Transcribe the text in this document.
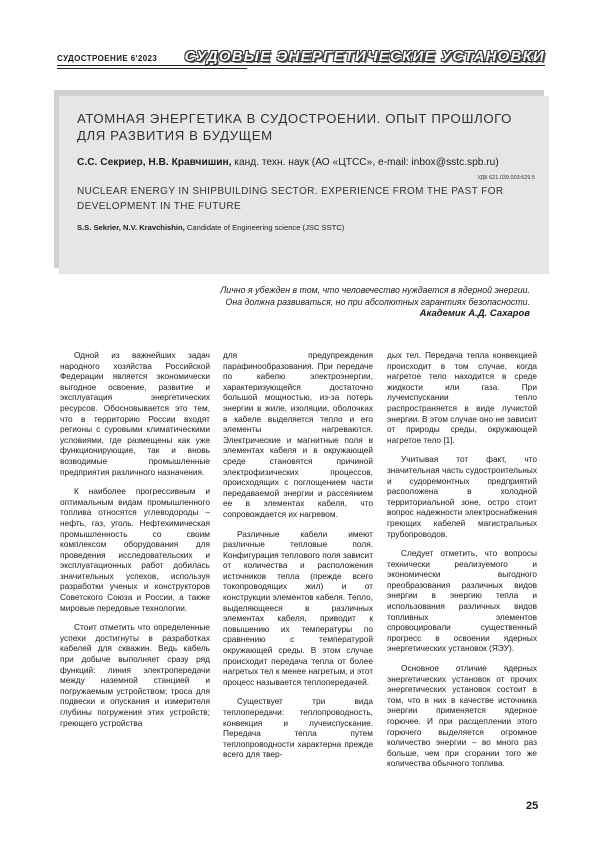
СУДОСТРОЕНИЕ 6'2023 СУДОВЫЕ ЭНЕРГЕТИЧЕСКИЕ УСТАНОВКИ
АТОМНАЯ ЭНЕРГЕТИКА В СУДОСТРОЕНИИ. ОПЫТ ПРОШЛОГО ДЛЯ РАЗВИТИЯ В БУДУЩЕМ
С.С. Секриер, Н.В. Кравчишин, канд. техн. наук (АО «ЦТСС», e-mail: inbox@sstc.spb.ru)
УДК 621.039.003:629.5
NUCLEAR ENERGY IN SHIPBUILDING SECTOR. EXPERIENCE FROM THE PAST FOR DEVELOPMENT IN THE FUTURE
S.S. Sekrier, N.V. Kravchishin, Candidate of Engineering science (JSC SSTC)
Лично я убежден в том, что человечество нуждается в ядерной энергии. Она должна развиваться, но при абсолютных гарантиях безопасности.
Академик А.Д. Сахаров

Одной из важнейших задач народного хозяйства Российской Федерации является экономически выгодное освоение, развитие и эксплуатация энергетических ресурсов. Обосновывается это тем, что в территорию России входят регионы с суровыми климатическими условиями, где размещены как уже функционирующие, так и вновь возводимые промышленные предприятия различного назначения.

К наиболее прогрессивным и оптимальным видам промышленного топлива относятся углеводороды – нефть, газ, уголь. Нефтехимическая промышленность со своим комплексом оборудования для проведения исследовательских и эксплуатационных работ добилась значительных успехов, используя разработки ученых и конструкторов Советского Союза и России, а также мировые передовые технологии.

Стоит отметить что определенные успехи достигнуты в разработках кабелей для скважин. Ведь кабель при добыче выполняет сразу ряд функций: линия электропередачи между наземной станцией и погружаемым устройством; троса для подвески и опускания и измерителя глубины погружения этих устройств; греющего устройства

для предупреждения парафинообразования. При передаче по кабелю электроэнергии, характеризующейся достаточно большой мощностью, из-за потерь энергии в жиле, изоляции, оболочках в кабеле выделяется тепло и его элементы нагреваются. Электрические и магнитные поля в элементах кабеля и в окружающей среде становятся причиной электрофизических процессов, происходящих с поглощением части передаваемой энергии и рассеянием ее в элементах кабеля, что сопровождается их нагревом.

Различные кабели имеют различные тепловые поля. Конфигурация теплового поля зависит от количества и расположения источников тепла (прежде всего токопроводящих жил) и от конструкции элементов кабеля. Тепло, выделяющееся в различных элементах кабеля, приводит к повышению их температуры по сравнению с температурой окружающей среды. В этом случае происходит передача тепла от более нагретых тел к менее нагретым, и этот процесс называется теплопередачей.

Существует три вида теплопередачи: теплопроводность, конвекция и лучеиспускание. Передача тепла путем теплопроводности характерна прежде всего для твер-

дых тел. Передача тепла конвекцией происходит в том случае, когда нагретое тело находится в среде жидкости или газа. При лучеиспускании тепло распространяется в виде лучистой энергии. В этом случае оно не зависит от природы среды, окружающей нагретое тело [1].

Учитывая тот факт, что значительная часть судостроительных и судоремонтных предприятий расположена в холодной территориальной зоне, остро стоит вопрос надежности электроснабжения греющих кабелей магистральных трубопроводов.

Следует отметить, что вопросы технически реализуемого и экономически выгодного преобразования различных видов энергии в энергию тепла и использования различных видов топливных элементов спровоцировали существенный прогресс в освоении ядерных энергетических установок (ЯЭУ).

Основное отличие ядерных энергетических установок от прочих энергетических установок состоит в том, что в них в качестве источника энергии применяется ядерное горючее. И при расщеплении этого горючего выделяется огромное количество энергии – во много раз больше, чем при сгорании того же количества обычного топлива.

25
